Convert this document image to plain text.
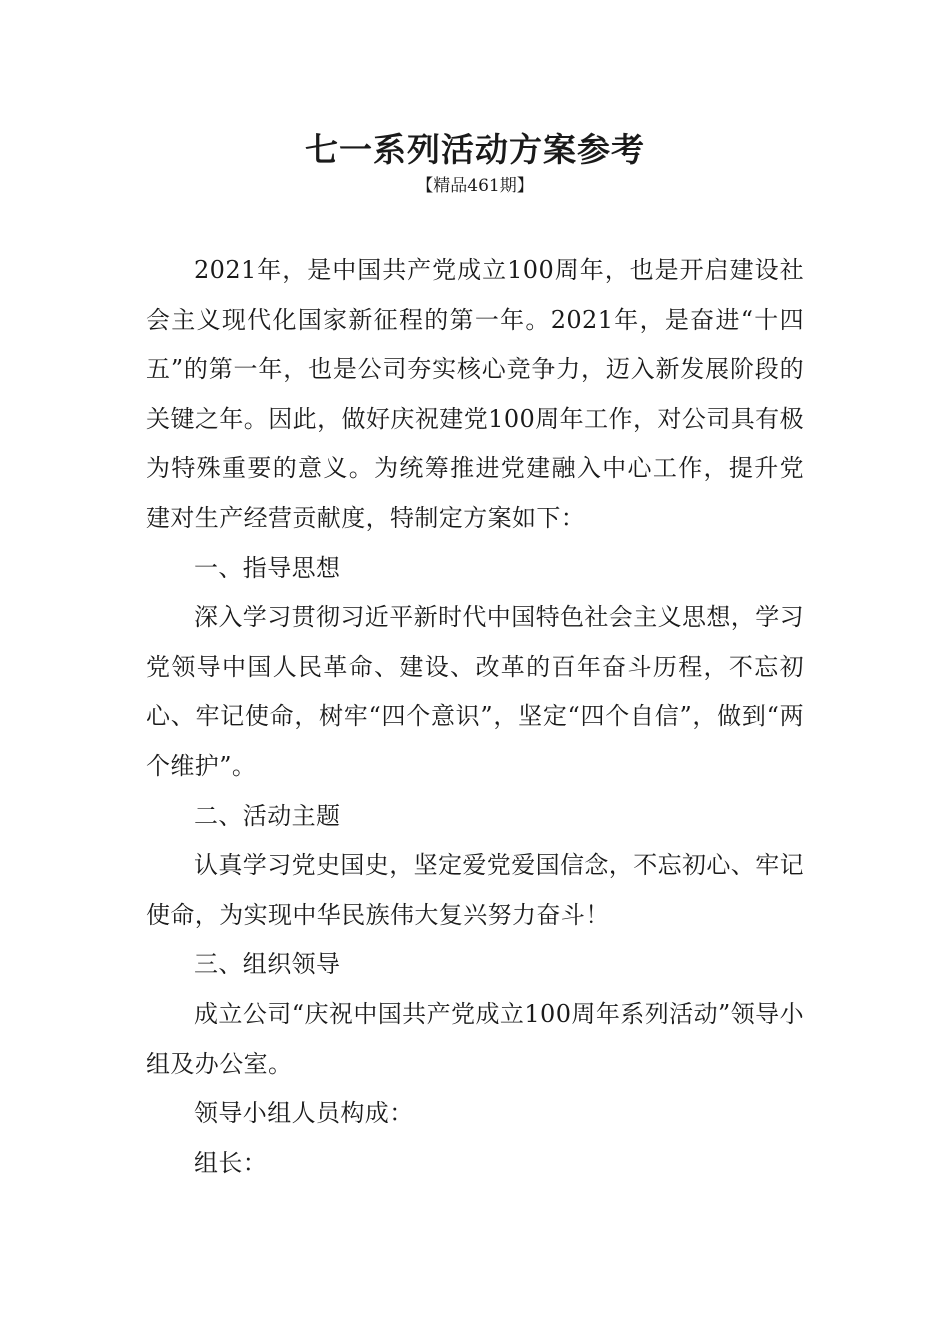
七一系列活动方案参考
【精品461期】

2021年，是中国共产党成立100周年，也是开启建设社会主义现代化国家新征程的第一年。2021年，是奋进“十四五”的第一年，也是公司夯实核心竞争力，迈入新发展阶段的关键之年。因此，做好庆祝建党100周年工作，对公司具有极为特殊重要的意义。为统筹推进党建融入中心工作，提升党建对生产经营贡献度，特制定方案如下：

一、指导思想

深入学习贯彻习近平新时代中国特色社会主义思想，学习党领导中国人民革命、建设、改革的百年奋斗历程，不忘初心、牢记使命，树牢“四个意识”，坚定“四个自信”，做到“两个维护”。

二、活动主题

认真学习党史国史，坚定爱党爱国信念，不忘初心、牢记使命，为实现中华民族伟大复兴努力奋斗！

三、组织领导

成立公司“庆祝中国共产党成立100周年系列活动”领导小组及办公室。

领导小组人员构成：

组长：
